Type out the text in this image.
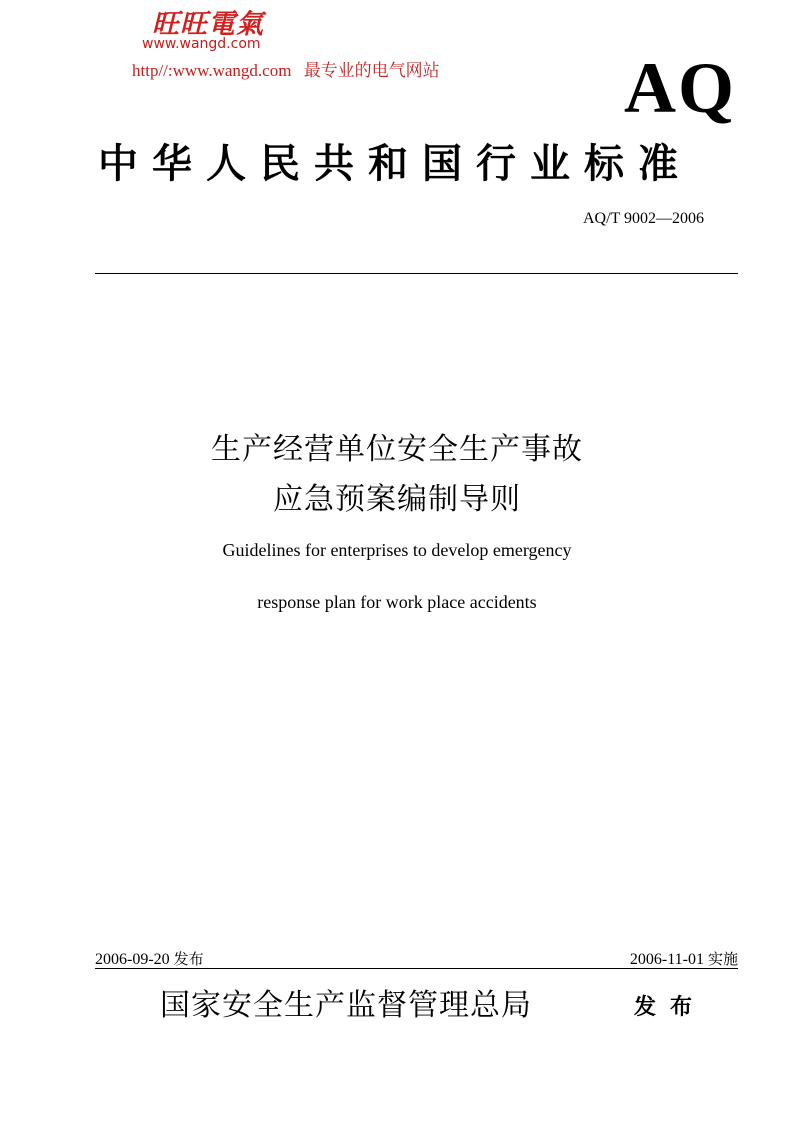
旺旺電氣
www.wangd.com
http//:www.wangd.com 最专业的电气网站	AQ
中华人民共和国行业标准
AQ/T 9002—2006
生产经营单位安全生产事故
应急预案编制导则
Guidelines for enterprises to develop emergency
response plan for work place accidents
2006-09-20 发布	2006-11-01 实施
国家安全生产监督管理总局	发布
